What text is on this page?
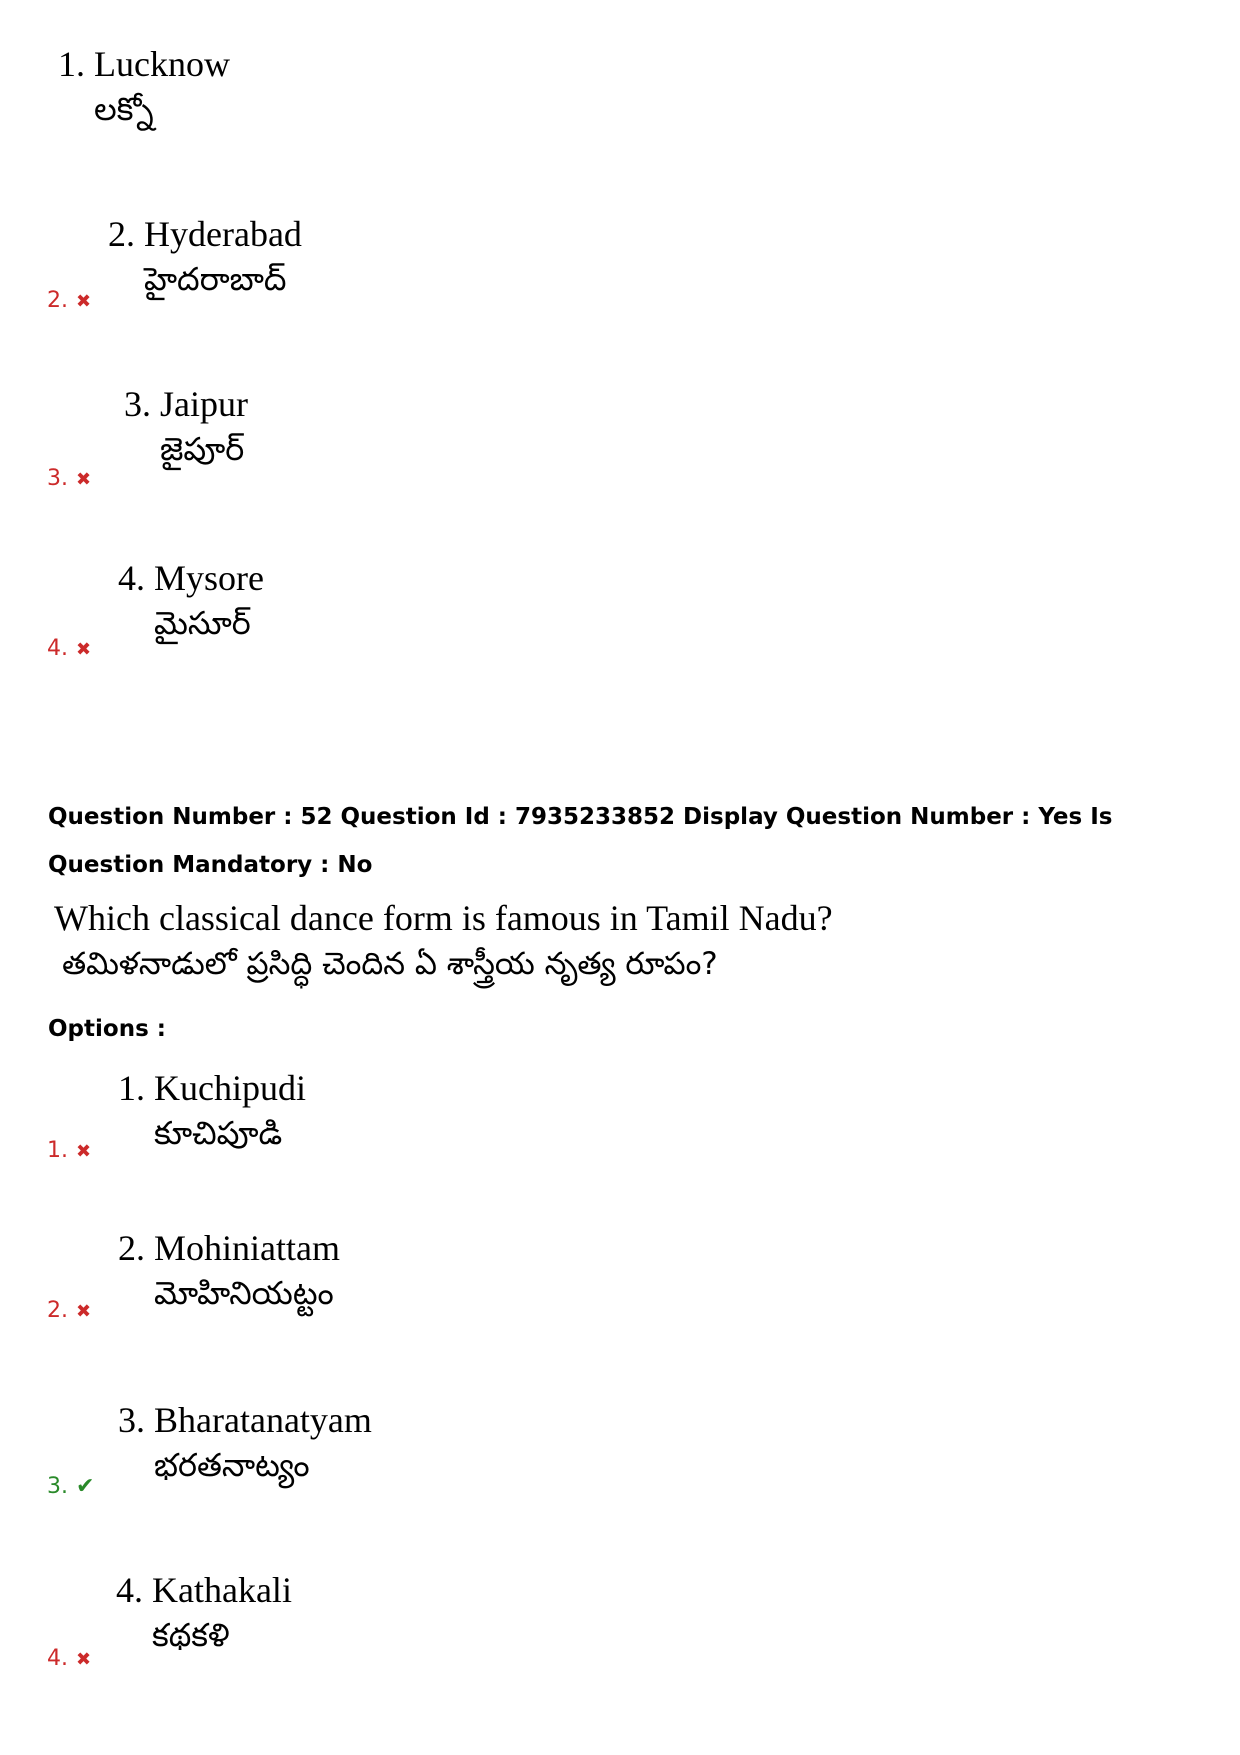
1. Lucknow
లక్నో
2. Hyderabad
హైదరాబాద్
2. ✖
3. Jaipur
జైపూర్
3. ✖
4. Mysore
మైసూర్
4. ✖
Question Number : 52 Question Id : 7935233852 Display Question Number : Yes Is Question Mandatory : No
Which classical dance form is famous in Tamil Nadu?
తమిళనాడులో ప్రసిద్ధి చెందిన ఏ శాస్త్రీయ నృత్య రూపం?
Options :
1. Kuchipudi
కూచిపూడి
1. ✖
2. Mohiniattam
మోహినియట్టం
2. ✖
3. Bharatanatyam
భరతనాట్యం
3. ✔
4. Kathakali
కథకళి
4. ✖
